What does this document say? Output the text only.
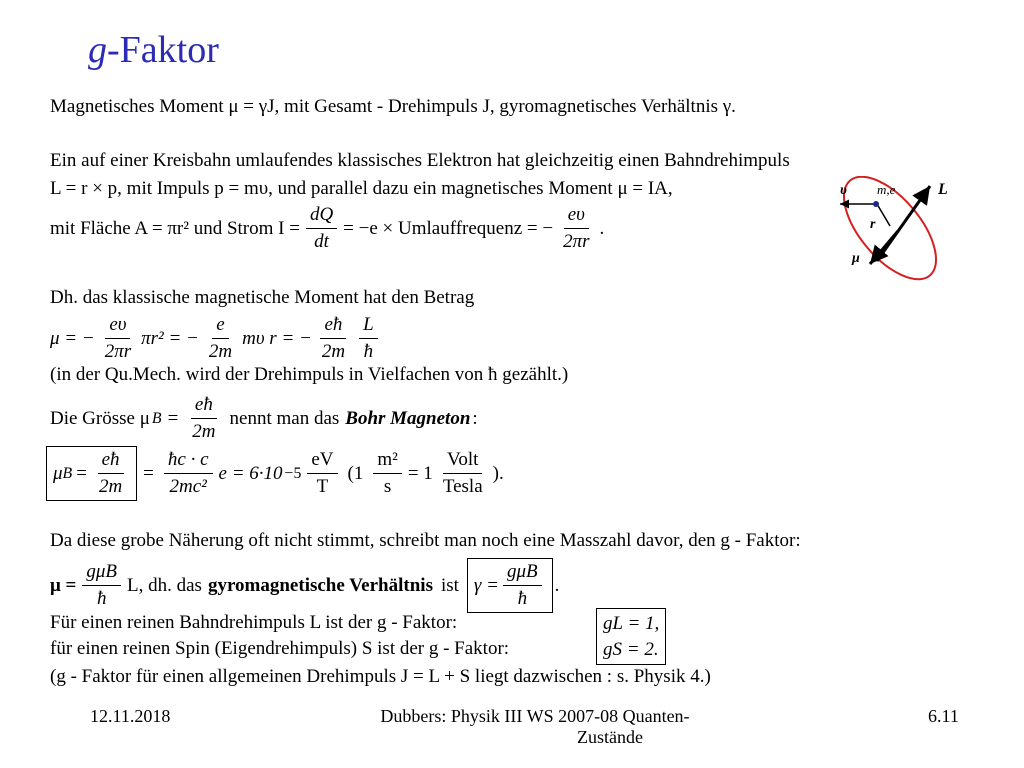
g-Faktor
Magnetisches Moment μ = γJ, mit Gesamt - Drehimpuls J, gyromagnetisches Verhältnis γ.
Ein auf einer Kreisbahn umlaufendes klassisches Elektron hat gleichzeitig einen Bahndrehimpuls
L = r × p, mit Impuls p = mυ, und parallel dazu ein magnetisches Moment μ = IA,
mit Fläche A = πr² und Strom $I = \frac{dQ}{dt} = -e$ × Umlauffrequenz = − $\frac{e\upsilon}{2\pi r}$ .
Dh. das klassische magnetische Moment hat den Betrag
μ = − $\frac{e\upsilon}{2\pi r} \pi r^2$ = − $\frac{e}{2m}$ mυ r = − $\frac{eħ}{2m} \frac{L}{ħ}$
(in der Qu.Mech. wird der Drehimpuls in Vielfachen von ħ gezählt.)
Die Grösse μ $B = \frac{eħ}{2m}$ nennt man das Bohr Magneton :
μ $B = \frac{eħ}{2m} = \frac{ħc \cdot c}{\text{2mc²}}$ $e = 6\cdot 10 -5 \frac{eV}{T} (1 \frac{\text{m²}}{s} = 1 \frac{\text{Volt}}{\text{Tesla}}$ ).
Da diese grobe Näherung oft nicht stimmt, schreibt man noch eine Masszahl davor, den g - Faktor:
$\mu = \frac{\text{gμB}}{ħ} L$, dh. das gyromagnetische Verhältnis ist $\gamma = \frac{\text{gμB}}{ħ}$ .
Für einen reinen Bahndrehimpuls L ist der g - Faktor:
für einen reinen Spin (Eigendrehimpuls) S ist der g - Faktor:
gL = 1,
gS = 2.
(g - Faktor für einen allgemeinen Drehimpuls J = L + S liegt dazwischen : s. Physik 4.)
υ m,e	L
r
μ
12.11.2018	Dubbers: Physik III WS 2007-08 Quanten-
Zustände
6.11
